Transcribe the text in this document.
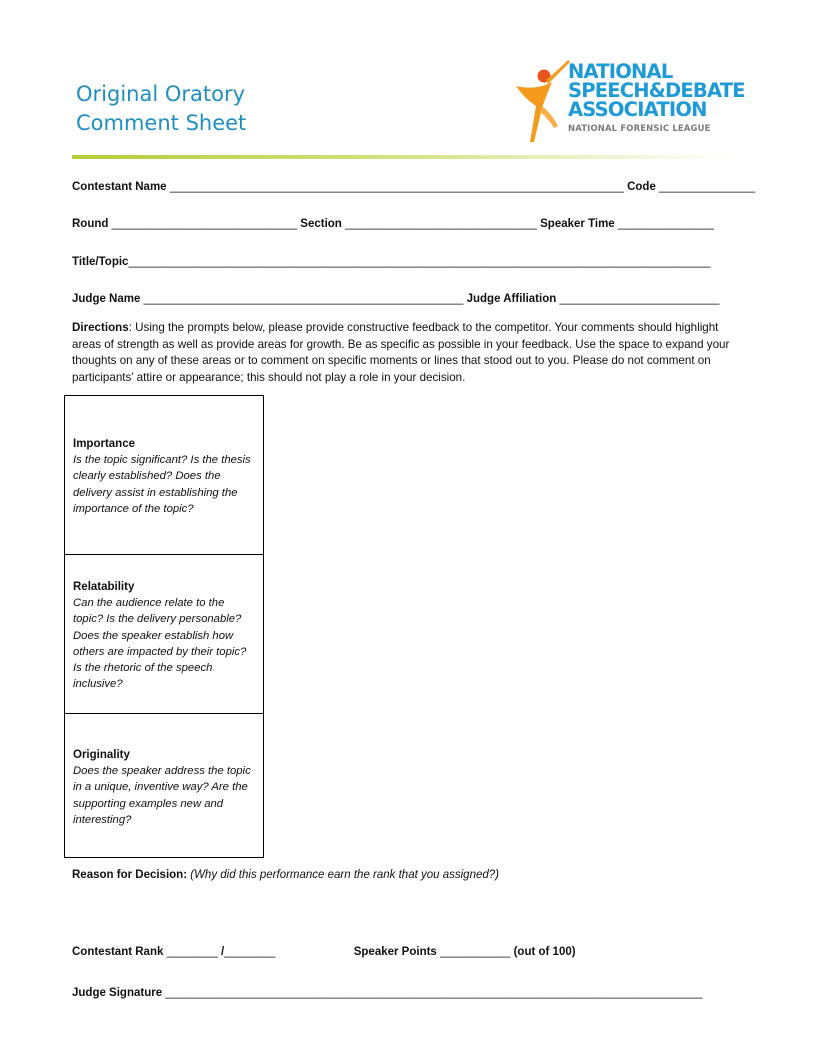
Original Oratory
Comment Sheet
NATIONAL
SPEECH&DEBATE
ASSOCIATION
NATIONAL FORENSIC LEAGUE
Contestant Name _______________________________________________________________________ Code _______________
Round _____________________________ Section ______________________________ Speaker Time _______________
Title/Topic___________________________________________________________________________________________
Judge Name __________________________________________________ Judge Affiliation _________________________
Directions: Using the prompts below, please provide constructive feedback to the competitor. Your comments should highlight areas of strength as well as provide areas for growth. Be as specific as possible in your feedback. Use the space to expand your thoughts on any of these areas or to comment on specific moments or lines that stood out to you. Please do not comment on participants’ attire or appearance; this should not play a role in your decision.
Importance
Is the topic significant? Is the thesis clearly established? Does the delivery assist in establishing the importance of the topic?
Relatability
Can the audience relate to the topic? Is the delivery personable? Does the speaker establish how others are impacted by their topic? Is the rhetoric of the speech inclusive?
Originality
Does the speaker address the topic in a unique, inventive way? Are the supporting examples new and interesting?
Reason for Decision: (Why did this performance earn the rank that you assigned?)
Contestant Rank ________ /________	Speaker Points ___________ (out of 100)
Judge Signature ____________________________________________________________________________________
